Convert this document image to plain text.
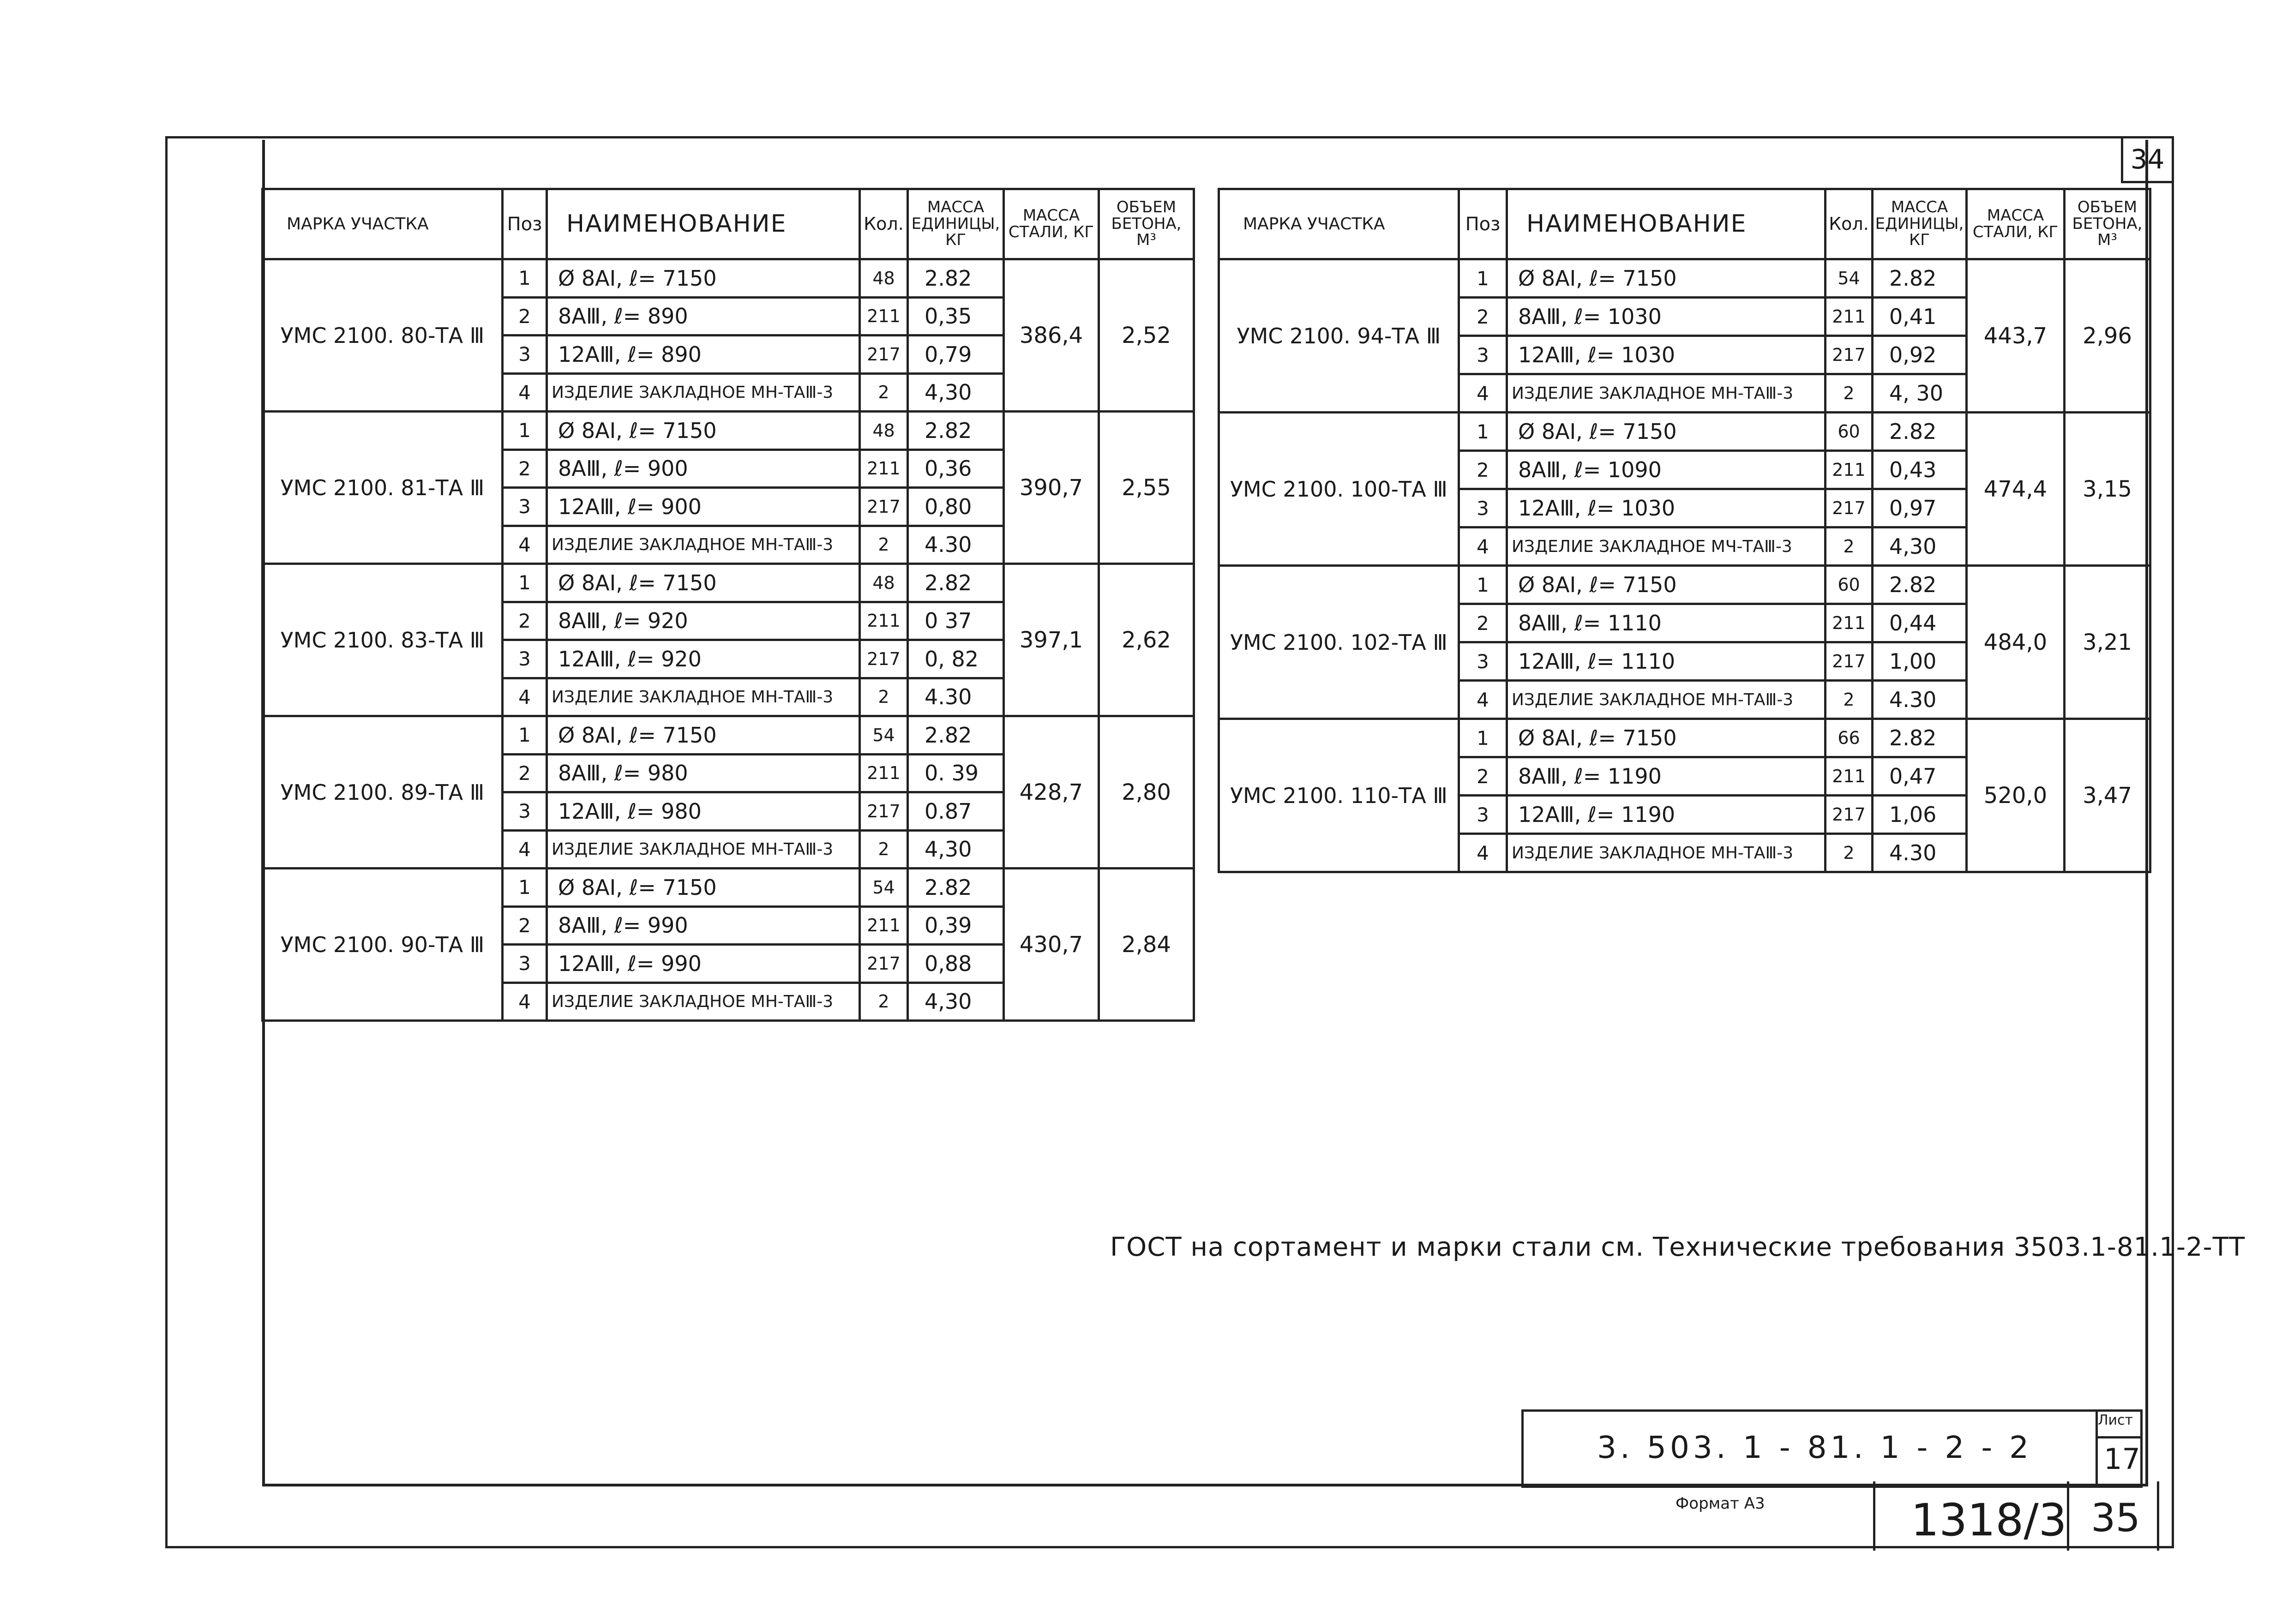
34
МАРКА УЧАСТКА	Поз	НАИМЕНОВАНИЕ	Кол.	МАССА ЕДИНИЦЫ, КГ	МАССА СТАЛИ, КГ	ОБЪЕМ БЕТОНА, М³
УМС 2100. 80-ТА Ⅲ	1	Ø 8АⅠ, ℓ= 7150	48	2.82	386,4	2,52
	2	8АⅢ, ℓ= 890	211	0,35		
	3	12АⅢ, ℓ= 890	217	0,79		
	4	ИЗДЕЛИЕ ЗАКЛАДНОЕ МН-ТАⅢ-3	2	4,30		
УМС 2100. 81-ТА Ⅲ	1	Ø 8АⅠ, ℓ= 7150	48	2.82	390,7	2,55
	2	8АⅢ, ℓ= 900	211	0,36		
	3	12АⅢ, ℓ= 900	217	0,80		
	4	ИЗДЕЛИЕ ЗАКЛАДНОЕ МН-ТАⅢ-3	2	4.30		
УМС 2100. 83-ТА Ⅲ	1	Ø 8АⅠ, ℓ= 7150	48	2.82	397,1	2,62
	2	8АⅢ, ℓ= 920	211	0 37		
	3	12АⅢ, ℓ= 920	217	0, 82		
	4	ИЗДЕЛИЕ ЗАКЛАДНОЕ МН-ТАⅢ-3	2	4.30		
УМС 2100. 89-ТА Ⅲ	1	Ø 8АⅠ, ℓ= 7150	54	2.82	428,7	2,80
	2	8АⅢ, ℓ= 980	211	0. 39		
	3	12АⅢ, ℓ= 980	217	0.87		
	4	ИЗДЕЛИЕ ЗАКЛАДНОЕ МН-ТАⅢ-3	2	4,30		
УМС 2100. 90-ТА Ⅲ	1	Ø 8АⅠ, ℓ= 7150	54	2.82	430,7	2,84
	2	8АⅢ, ℓ= 990	211	0,39		
	3	12АⅢ, ℓ= 990	217	0,88		
	4	ИЗДЕЛИЕ ЗАКЛАДНОЕ МН-ТАⅢ-3	2	4,30		
МАРКА УЧАСТКА	Поз	НАИМЕНОВАНИЕ	Кол.	МАССА ЕДИНИЦЫ, КГ	МАССА СТАЛИ, КГ	ОБЪЕМ БЕТОНА, М³
УМС 2100. 94-ТА Ⅲ	1	Ø 8АⅠ, ℓ= 7150	54	2.82	443,7	2,96
	2	8АⅢ, ℓ= 1030	211	0,41		
	3	12АⅢ, ℓ= 1030	217	0,92		
	4	ИЗДЕЛИЕ ЗАКЛАДНОЕ МН-ТАⅢ-3	2	4, 30		
УМС 2100. 100-ТА Ⅲ	1	Ø 8АⅠ, ℓ= 7150	60	2.82	474,4	3,15
	2	8АⅢ, ℓ= 1090	211	0,43		
	3	12АⅢ, ℓ= 1030	217	0,97		
	4	ИЗДЕЛИЕ ЗАКЛАДНОЕ МЧ-ТАⅢ-3	2	4,30		
УМС 2100. 102-ТА Ⅲ	1	Ø 8АⅠ, ℓ= 7150	60	2.82	484,0	3,21
	2	8АⅢ, ℓ= 1110	211	0,44		
	3	12АⅢ, ℓ= 1110	217	1,00		
	4	ИЗДЕЛИЕ ЗАКЛАДНОЕ МН-ТАⅢ-3	2	4.30		
УМС 2100. 110-ТА Ⅲ	1	Ø 8АⅠ, ℓ= 7150	66	2.82	520,0	3,47
	2	8АⅢ, ℓ= 1190	211	0,47		
	3	12АⅢ, ℓ= 1190	217	1,06		
	4	ИЗДЕЛИЕ ЗАКЛАДНОЕ МН-ТАⅢ-3	2	4.30		
ГОСТ на сортамент и марки стали см. Технические требования 3503.1-81.1-2-ТТ
3. 503. 1 - 81. 1 - 2 - 2
Лист
17
Формат А3	1318/3 35
